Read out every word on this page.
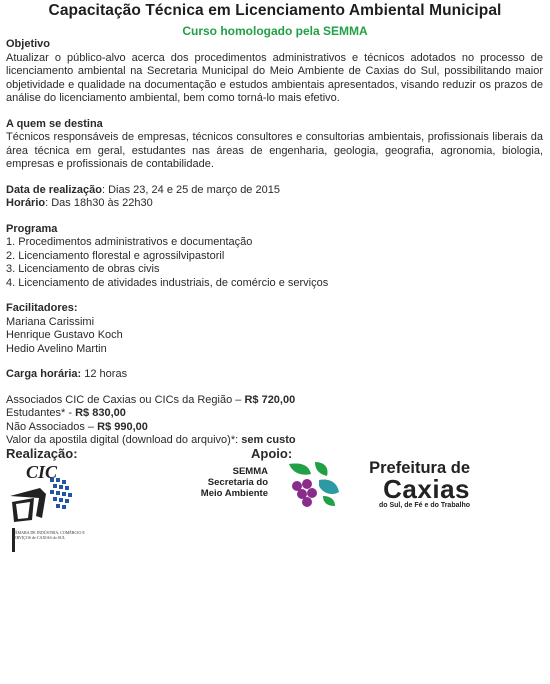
Capacitação Técnica em Licenciamento Ambiental Municipal
Curso homologado pela SEMMA
Objetivo

Atualizar o público-alvo acerca dos procedimentos administrativos e técnicos adotados no processo de licenciamento ambiental na Secretaria Municipal do Meio Ambiente de Caxias do Sul, possibilitando maior objetividade e qualidade na documentação e estudos ambientais apresentados, visando reduzir os prazos de análise do licenciamento ambiental, bem como torná-lo mais efetivo.

A quem se destina

Técnicos responsáveis de empresas, técnicos consultores e consultorias ambientais, profissionais liberais da área técnica em geral, estudantes nas áreas de engenharia, geologia, geografia, agronomia, biologia, empresas e profissionais de contabilidade.

Data de realização: Dias 23, 24 e 25 de março de 2015
Horário: Das 18h30 às 22h30
Programa
1. Procedimentos administrativos e documentação
2. Licenciamento florestal e agrossilvipastoril
3. Licenciamento de obras civis
4. Licenciamento de atividades industriais, de comércio e serviços
Facilitadores:
Mariana Carissimi
Henrique Gustavo Koch
Hedio Avelino Martin
Carga horária: 12 horas
Associados CIC de Caxias ou CICs da Região – R$ 720,00
Estudantes* - R$ 830,00
Não Associados – R$ 990,00
Valor da apostila digital (download do arquivo)*: sem custo
Realização:	Apoio:
CIC
CÂMARA DE INDÚSTRIA, COMÉRCIO E SERVIÇOS de CAXIAS do SUL
SEMMA
Secretaria do
Meio Ambiente
Prefeitura de
Caxias
do Sul, de Fé e do Trabalho
